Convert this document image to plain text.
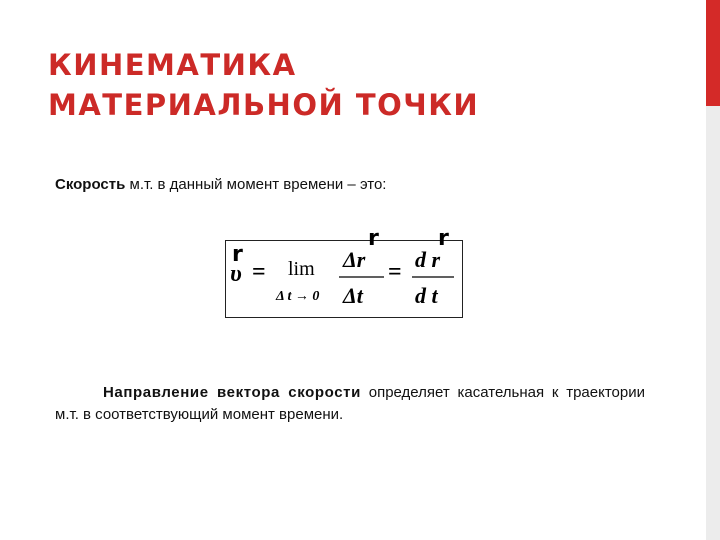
КИНЕМАТИКА
МАТЕРИАЛЬНОЙ ТОЧКИ
Скорость м.т. в данный момент времени – это:
r
r	r
υ = lim
Δ t → 0
Δr
Δt
= d r
d t
Направление вектора скорости определяет касательная к траектории м.т. в соответствующий момент времени.
